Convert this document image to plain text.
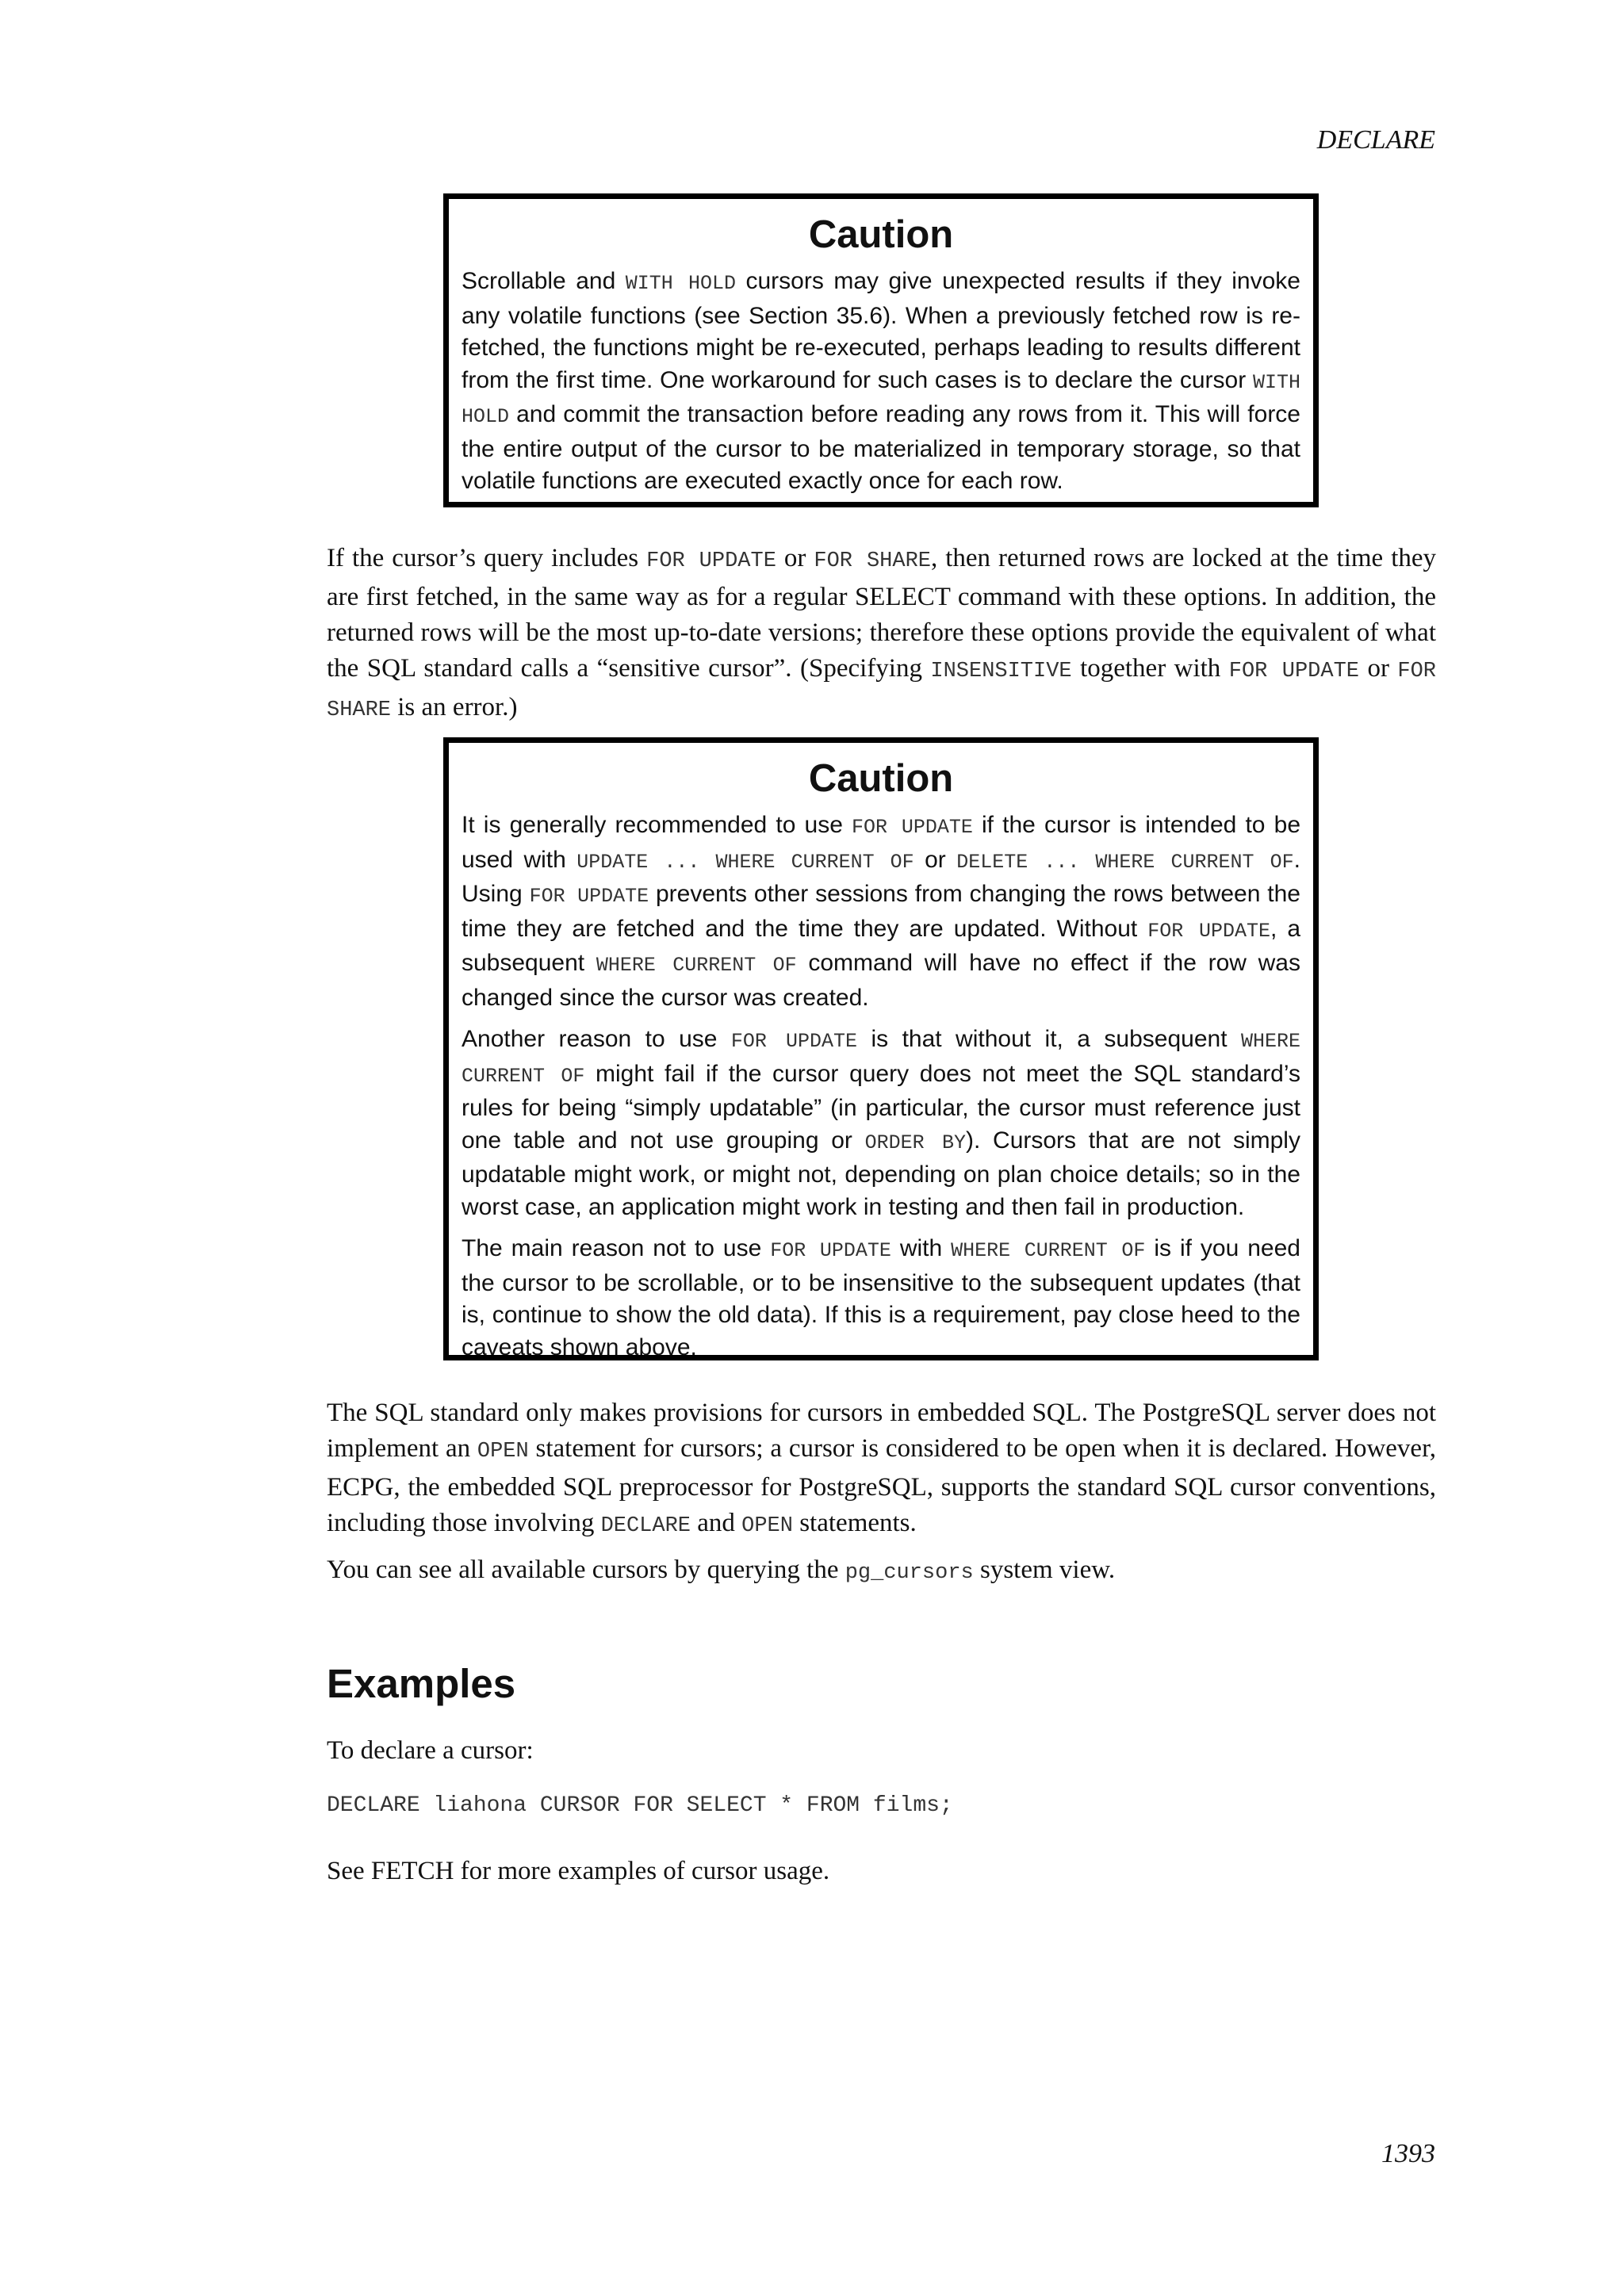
DECLARE
Caution

Scrollable and WITH HOLD cursors may give unexpected results if they invoke any volatile functions (see Section 35.6). When a previously fetched row is re-fetched, the functions might be re-executed, perhaps leading to results different from the first time. One workaround for such cases is to declare the cursor WITH HOLD and commit the transaction before reading any rows from it. This will force the entire output of the cursor to be materialized in temporary storage, so that volatile functions are executed exactly once for each row.

If the cursor’s query includes FOR UPDATE or FOR SHARE, then returned rows are locked at the time they are first fetched, in the same way as for a regular SELECT command with these options. In addition, the returned rows will be the most up-to-date versions; therefore these options provide the equivalent of what the SQL standard calls a “sensitive cursor”. (Specifying INSENSITIVE together with FOR UPDATE or FOR SHARE is an error.)
Caution

It is generally recommended to use FOR UPDATE if the cursor is intended to be used with UPDATE ... WHERE CURRENT OF or DELETE ... WHERE CURRENT OF. Using FOR UPDATE prevents other sessions from changing the rows between the time they are fetched and the time they are updated. Without FOR UPDATE, a subsequent WHERE CURRENT OF command will have no effect if the row was changed since the cursor was created.

Another reason to use FOR UPDATE is that without it, a subsequent WHERE CURRENT OF might fail if the cursor query does not meet the SQL standard’s rules for being “simply updatable” (in particular, the cursor must reference just one table and not use grouping or ORDER BY). Cursors that are not simply updatable might work, or might not, depending on plan choice details; so in the worst case, an application might work in testing and then fail in production.

The main reason not to use FOR UPDATE with WHERE CURRENT OF is if you need the cursor to be scrollable, or to be insensitive to the subsequent updates (that is, continue to show the old data). If this is a requirement, pay close heed to the caveats shown above.

The SQL standard only makes provisions for cursors in embedded SQL. The PostgreSQL server does not implement an OPEN statement for cursors; a cursor is considered to be open when it is declared. However, ECPG, the embedded SQL preprocessor for PostgreSQL, supports the standard SQL cursor conventions, including those involving DECLARE and OPEN statements.
You can see all available cursors by querying the pg_cursors system view.
Examples
To declare a cursor:
DECLARE liahona CURSOR FOR SELECT * FROM films;
See FETCH for more examples of cursor usage.
1393
